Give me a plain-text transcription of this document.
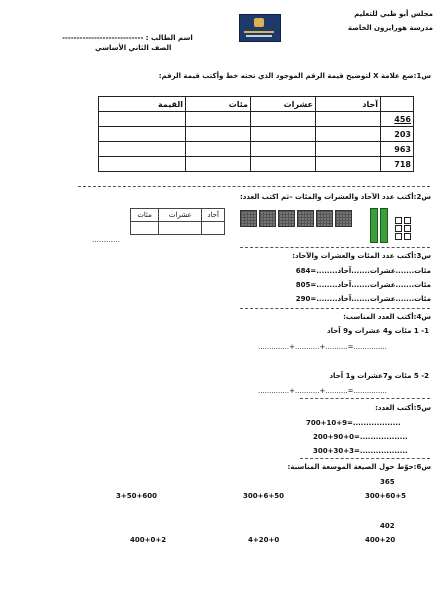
مجلس أبو ظبي للتعليم
مدرسة هورايزون الخاصة
اسم الطالب : ----------------------------
الصف الثاني الأساسي
س1:ضع علامة X لتوضيح قيمة الرقم الموجود الذي تحته خط وأكتب قيمة الرقم:
	آحاد	عشرات	مئات	القيمة
456				
203				
963				
718				
س2:أكتب عدد الآحاد والعشرات والمئات –ثم اكتب العدد:
آحاد	عشرات	مئات

…………
س3:أكتب عدد المئات والعشرات والآحاد:
684=........مئات.......عشرات.......آحاد
805=........مئات.......عشرات.......آحاد
290=........مئات.......عشرات.......آحاد
س4:أكتب العدد المناسب:
1- 1 مئات و4 عشرات و9 آحاد
..............+...........+..........=...............
2- 5 مئات و7عشرات و1 آحاد
..............+...........+..........=...............
س5:أكتب العدد:
700+10+9=..................
200+90+0=..................
300+30+3=..................
س6:حوّط حول الصيغة الموسعة المناسبة:
365
300+60+5
300+6+50
3+50+600
402
400+20
4+20+0
400+0+2
